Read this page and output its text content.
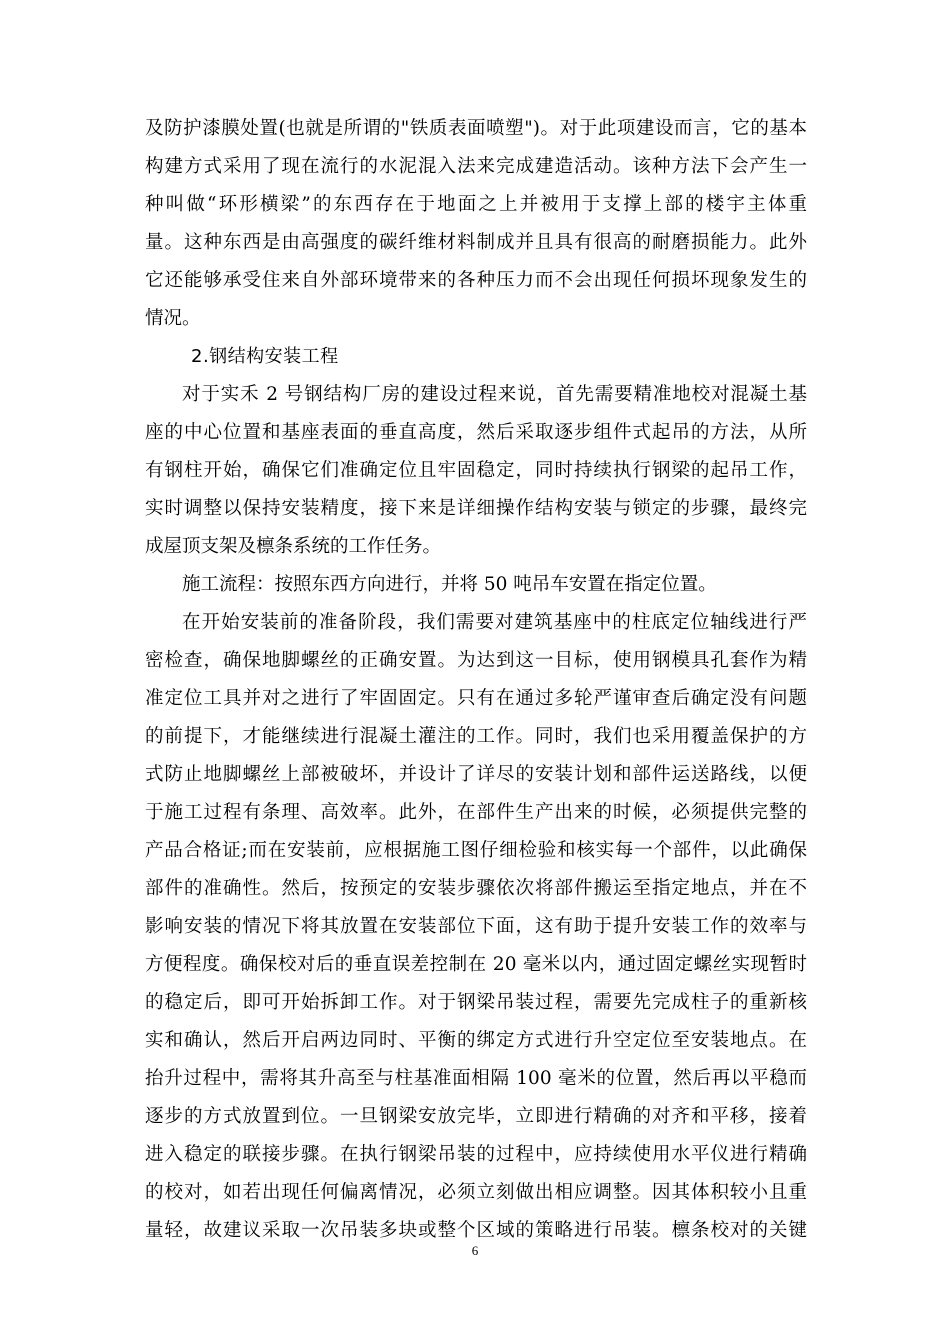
及防护漆膜处置(也就是所谓的"铁质表面喷塑")。对于此项建设而言，它的基本
构建方式采用了现在流行的水泥混入法来完成建造活动。该种方法下会产生一
种叫做“环形横梁”的东西存在于地面之上并被用于支撑上部的楼宇主体重
量。这种东西是由高强度的碳纤维材料制成并且具有很高的耐磨损能力。此外
它还能够承受住来自外部环境带来的各种压力而不会出现任何损坏现象发生的
情况。
2.钢结构安装工程
对于实禾 2 号钢结构厂房的建设过程来说，首先需要精准地校对混凝土基
座的中心位置和基座表面的垂直高度，然后采取逐步组件式起吊的方法，从所
有钢柱开始，确保它们准确定位且牢固稳定，同时持续执行钢梁的起吊工作，
实时调整以保持安装精度，接下来是详细操作结构安装与锁定的步骤，最终完
成屋顶支架及檩条系统的工作任务。
施工流程：按照东西方向进行，并将 50 吨吊车安置在指定位置。
在开始安装前的准备阶段，我们需要对建筑基座中的柱底定位轴线进行严
密检查，确保地脚螺丝的正确安置。为达到这一目标，使用钢模具孔套作为精
准定位工具并对之进行了牢固固定。只有在通过多轮严谨审查后确定没有问题
的前提下，才能继续进行混凝土灌注的工作。同时，我们也采用覆盖保护的方
式防止地脚螺丝上部被破坏，并设计了详尽的安装计划和部件运送路线，以便
于施工过程有条理、高效率。此外，在部件生产出来的时候，必须提供完整的
产品合格证;而在安装前，应根据施工图仔细检验和核实每一个部件，以此确保
部件的准确性。然后，按预定的安装步骤依次将部件搬运至指定地点，并在不
影响安装的情况下将其放置在安装部位下面，这有助于提升安装工作的效率与
方便程度。确保校对后的垂直误差控制在 20 毫米以内，通过固定螺丝实现暂时
的稳定后，即可开始拆卸工作。对于钢梁吊装过程，需要先完成柱子的重新核
实和确认，然后开启两边同时、平衡的绑定方式进行升空定位至安装地点。在
抬升过程中，需将其升高至与柱基准面相隔 100 毫米的位置，然后再以平稳而
逐步的方式放置到位。一旦钢梁安放完毕，立即进行精确的对齐和平移，接着
进入稳定的联接步骤。在执行钢梁吊装的过程中，应持续使用水平仪进行精确
的校对，如若出现任何偏离情况，必须立刻做出相应调整。因其体积较小且重
量轻，故建议采取一次吊装多块或整个区域的策略进行吊装。檩条校对的关键
6
